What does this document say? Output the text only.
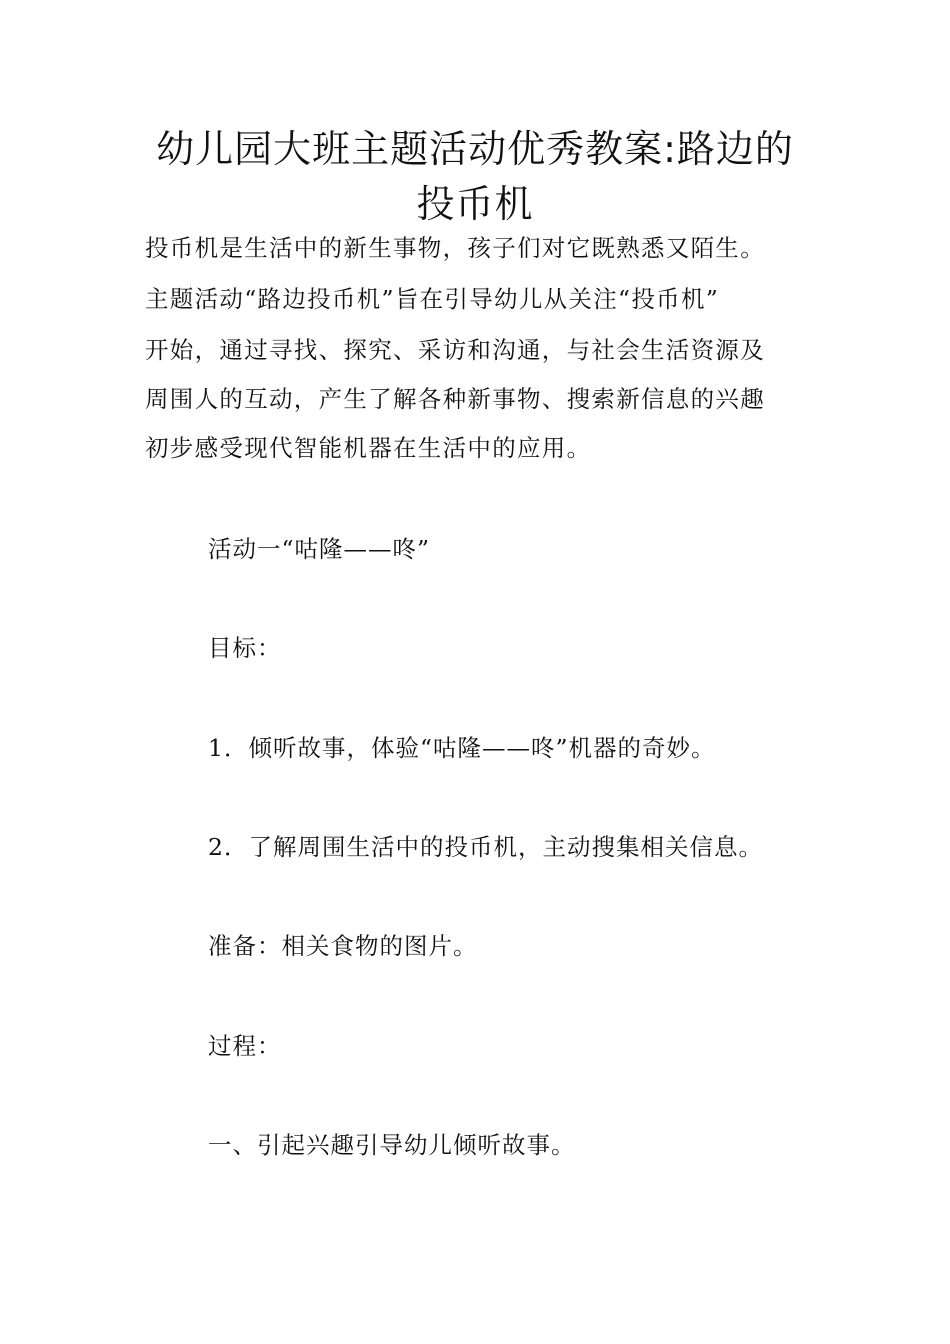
幼儿园大班主题活动优秀教案:路边的
投币机
投币机是生活中的新生事物，孩子们对它既熟悉又陌生。
主题活动“路边投币机”旨在引导幼儿从关注“投币机”
开始，通过寻找、探究、采访和沟通，与社会生活资源及
周围人的互动，产生了解各种新事物、搜索新信息的兴趣
初步感受现代智能机器在生活中的应用。
活动一“咕隆——咚”
目标：
1．倾听故事，体验“咕隆——咚”机器的奇妙。
2．了解周围生活中的投币机，主动搜集相关信息。
准备：相关食物的图片。
过程：
一、引起兴趣引导幼儿倾听故事。
